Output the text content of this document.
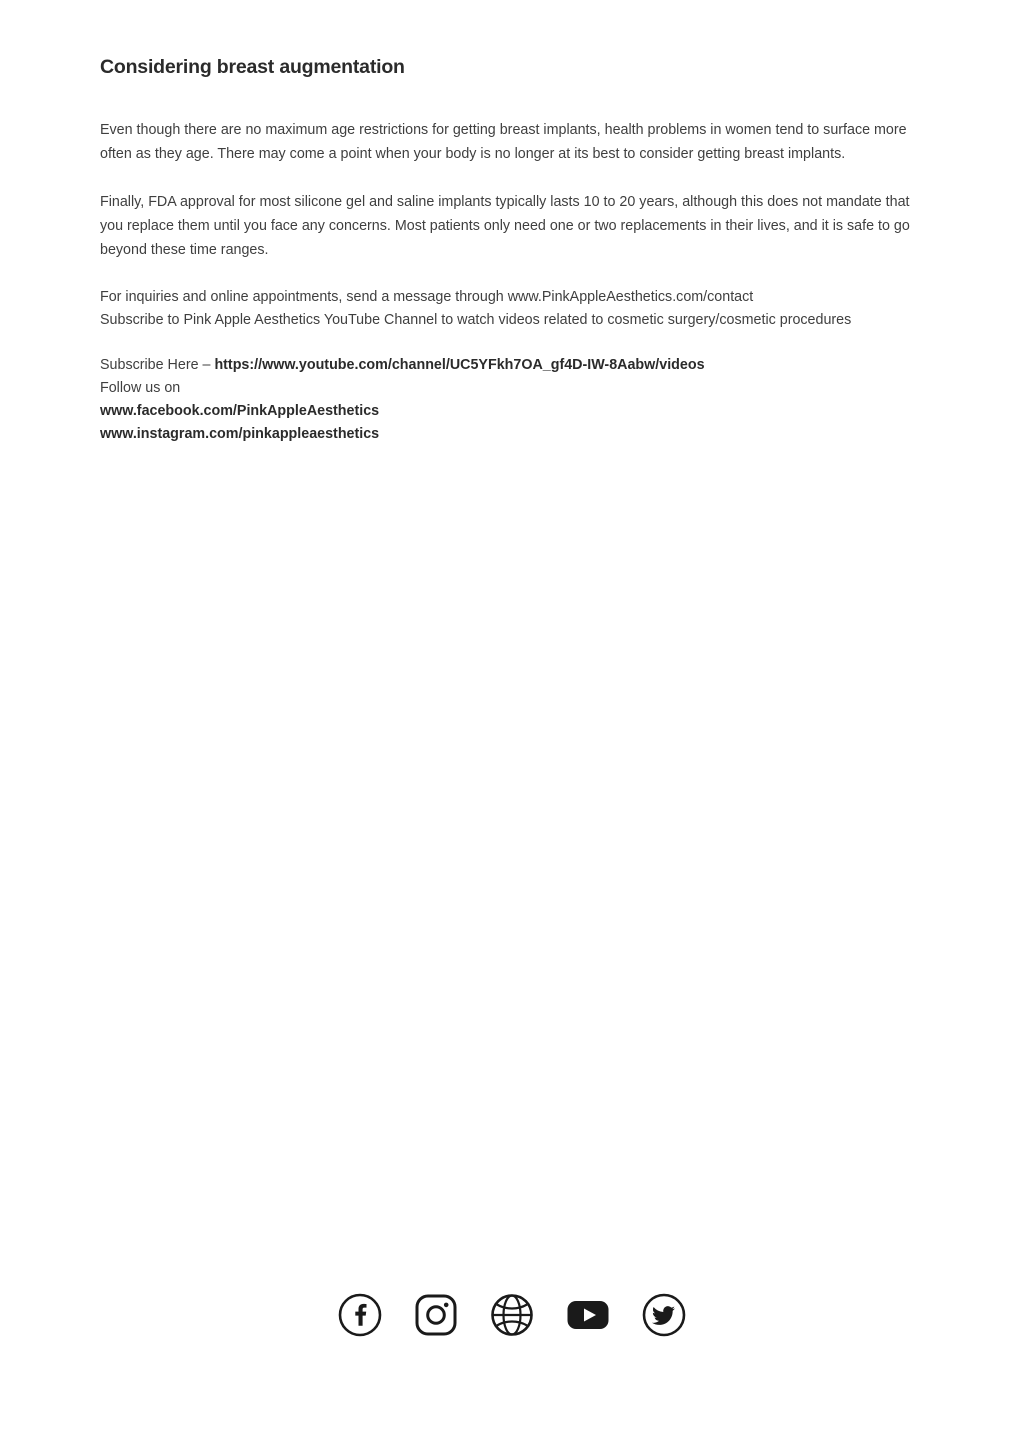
Considering breast augmentation

Even though there are no maximum age restrictions for getting breast implants, health problems in women tend to surface more often as they age. There may come a point when your body is no longer at its best to consider getting breast implants.

Finally, FDA approval for most silicone gel and saline implants typically lasts 10 to 20 years, although this does not mandate that you replace them until you face any concerns. Most patients only need one or two replacements in their lives, and it is safe to go beyond these time ranges.

For inquiries and online appointments, send a message through www.PinkAppleAesthetics.com/contact
Subscribe to Pink Apple Aesthetics YouTube Channel to watch videos related to cosmetic surgery/cosmetic procedures
Subscribe Here – https://www.youtube.com/channel/UC5YFkh7OA_gf4D-IW-8Aabw/videos
Follow us on
www.facebook.com/PinkAppleAesthetics
www.instagram.com/pinkappleaesthetics
